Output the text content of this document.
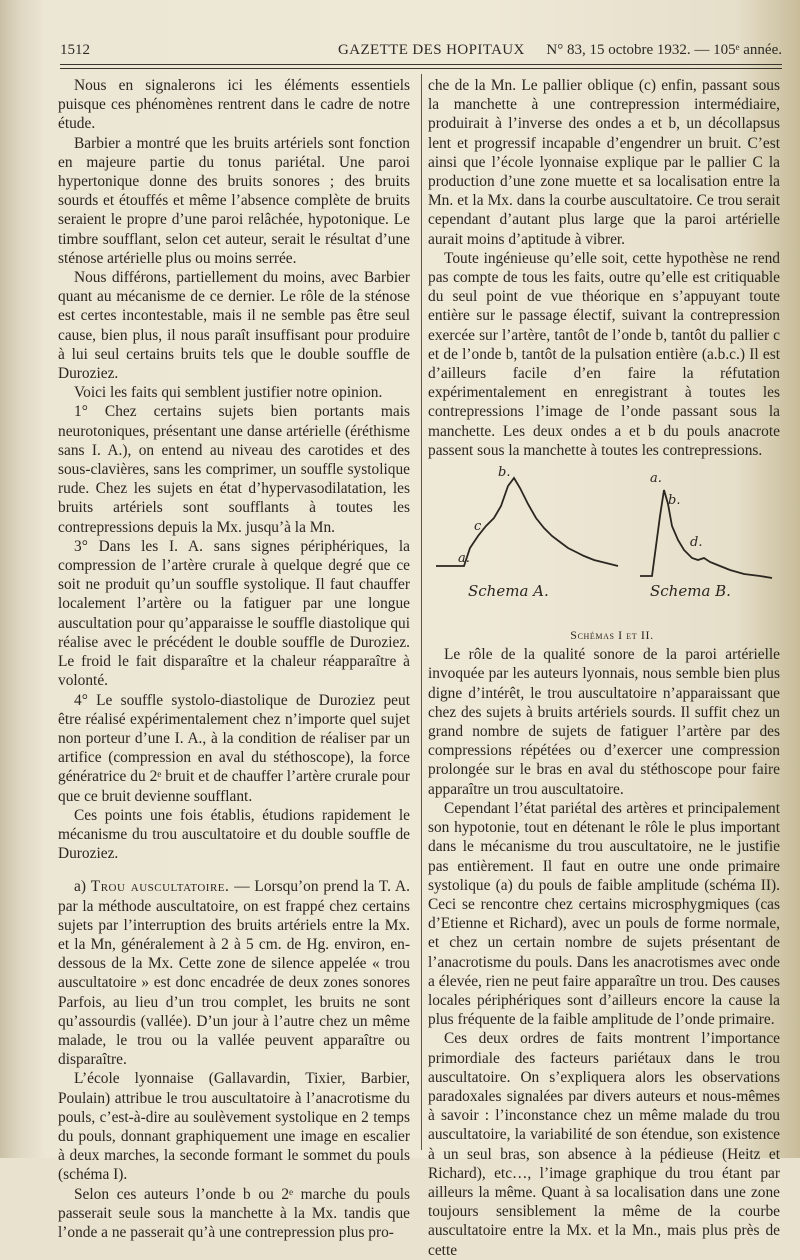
1512	GAZETTE DES HOPITAUX N° 83, 15 octobre 1932. — 105ᵉ année.

Nous en signalerons ici les éléments essentiels puisque ces phénomènes rentrent dans le cadre de notre étude.

Barbier a montré que les bruits artériels sont fonction en majeure partie du tonus pariétal. Une paroi hypertonique donne des bruits sonores ; des bruits sourds et étouffés et même l’absence complète de bruits seraient le propre d’une paroi relâchée, hypotonique. Le timbre soufflant, selon cet auteur, serait le résultat d’une sténose artérielle plus ou moins serrée.

Nous différons, partiellement du moins, avec Barbier quant au mécanisme de ce dernier. Le rôle de la sténose est certes incontestable, mais il ne semble pas être seul cause, bien plus, il nous paraît insuffisant pour produire à lui seul certains bruits tels que le double souffle de Duroziez.

Voici les faits qui semblent justifier notre opinion.

1° Chez certains sujets bien portants mais neurotoniques, présentant une danse artérielle (éréthisme sans I. A.), on entend au niveau des carotides et des sous-clavières, sans les comprimer, un souffle systolique rude. Chez les sujets en état d’hypervasodilatation, les bruits artériels sont soufflants à toutes les contrepressions depuis la Mx. jusqu’à la Mn.

3° Dans les I. A. sans signes périphériques, la compression de l’artère crurale à quelque degré que ce soit ne produit qu’un souffle systolique. Il faut chauffer localement l’artère ou la fatiguer par une longue auscultation pour qu’apparaisse le souffle diastolique qui réalise avec le précédent le double souffle de Duroziez. Le froid le fait disparaître et la chaleur réapparaître à volonté.

4° Le souffle systolo-diastolique de Duroziez peut être réalisé expérimentalement chez n’importe quel sujet non porteur d’une I. A., à la condition de réaliser par un artifice (compression en aval du stéthoscope), la force génératrice du 2ᵉ bruit et de chauffer l’artère crurale pour que ce bruit devienne soufflant.

Ces points une fois établis, étudions rapidement le mécanisme du trou auscultatoire et du double souffle de Duroziez.

a) Trou auscultatoire. — Lorsqu’on prend la T. A. par la méthode auscultatoire, on est frappé chez certains sujets par l’interruption des bruits artériels entre la Mx. et la Mn, généralement à 2 à 5 cm. de Hg. environ, en-dessous de la Mx. Cette zone de silence appelée « trou auscultatoire » est donc encadrée de deux zones sonores Parfois, au lieu d’un trou complet, les bruits ne sont qu’assourdis (vallée). D’un jour à l’autre chez un même malade, le trou ou la vallée peuvent apparaître ou disparaître.

L’école lyonnaise (Gallavardin, Tixier, Barbier, Poulain) attribue le trou auscultatoire à l’anacrotisme du pouls, c’est-à-dire au soulèvement systolique en 2 temps du pouls, donnant graphiquement une image en escalier à deux marches, la seconde formant le sommet du pouls (schéma I).

Selon ces auteurs l’onde b ou 2ᵉ marche du pouls passerait seule sous la manchette à la Mx. tandis que l’onde a ne passerait qu’à une contrepression plus pro-

che de la Mn. Le pallier oblique (c) enfin, passant sous la manchette à une contrepression intermédiaire, produirait à l’inverse des ondes a et b, un décollapsus lent et progressif incapable d’engendrer un bruit. C’est ainsi que l’école lyonnaise explique par le pallier C la production d’une zone muette et sa localisation entre la Mn. et la Mx. dans la courbe auscultatoire. Ce trou serait cependant d’autant plus large que la paroi artérielle aurait moins d’aptitude à vibrer.

Toute ingénieuse qu’elle soit, cette hypothèse ne rend pas compte de tous les faits, outre qu’elle est critiquable du seul point de vue théorique en s’appuyant toute entière sur le passage électif, suivant la contrepression exercée sur l’artère, tantôt de l’onde b, tantôt du pallier c et de l’onde b, tantôt de la pulsation entière (a.b.c.) Il est d’ailleurs facile d’en faire la réfutation expérimentalement en enregistrant à toutes les contrepressions l’image de l’onde passant sous la manchette. Les deux ondes a et b du pouls anacrote passent sous la manchette à toutes les contrepressions.

a.
c.
b.
Schema A.
a.
b.
d.
Schema B.

Schémas I et II.

Le rôle de la qualité sonore de la paroi artérielle invoquée par les auteurs lyonnais, nous semble bien plus digne d’intérêt, le trou auscultatoire n’apparaissant que chez des sujets à bruits artériels sourds. Il suffit chez un grand nombre de sujets de fatiguer l’artère par des compressions répétées ou d’exercer une compression prolongée sur le bras en aval du stéthoscope pour faire apparaître un trou auscultatoire.

Cependant l’état pariétal des artères et principalement son hypotonie, tout en détenant le rôle le plus important dans le mécanisme du trou auscultatoire, ne le justifie pas entièrement. Il faut en outre une onde primaire systolique (a) du pouls de faible amplitude (schéma II). Ceci se rencontre chez certains microsphygmiques (cas d’Etienne et Richard), avec un pouls de forme normale, et chez un certain nombre de sujets présentant de l’anacrotisme du pouls. Dans les anacrotismes avec onde a élevée, rien ne peut faire apparaître un trou. Des causes locales périphériques sont d’ailleurs encore la cause la plus fréquente de la faible amplitude de l’onde primaire.

Ces deux ordres de faits montrent l’importance primordiale des facteurs pariétaux dans le trou auscultatoire. On s’expliquera alors les observations paradoxales signalées par divers auteurs et nous-mêmes à savoir : l’inconstance chez un même malade du trou auscultatoire, la variabilité de son étendue, son existence à un seul bras, son absence à la pédieuse (Heitz et Richard), etc…, l’image graphique du trou étant par ailleurs la même. Quant à sa localisation dans une zone toujours sensiblement la même de la courbe auscultatoire entre la Mx. et la Mn., mais plus près de cette
